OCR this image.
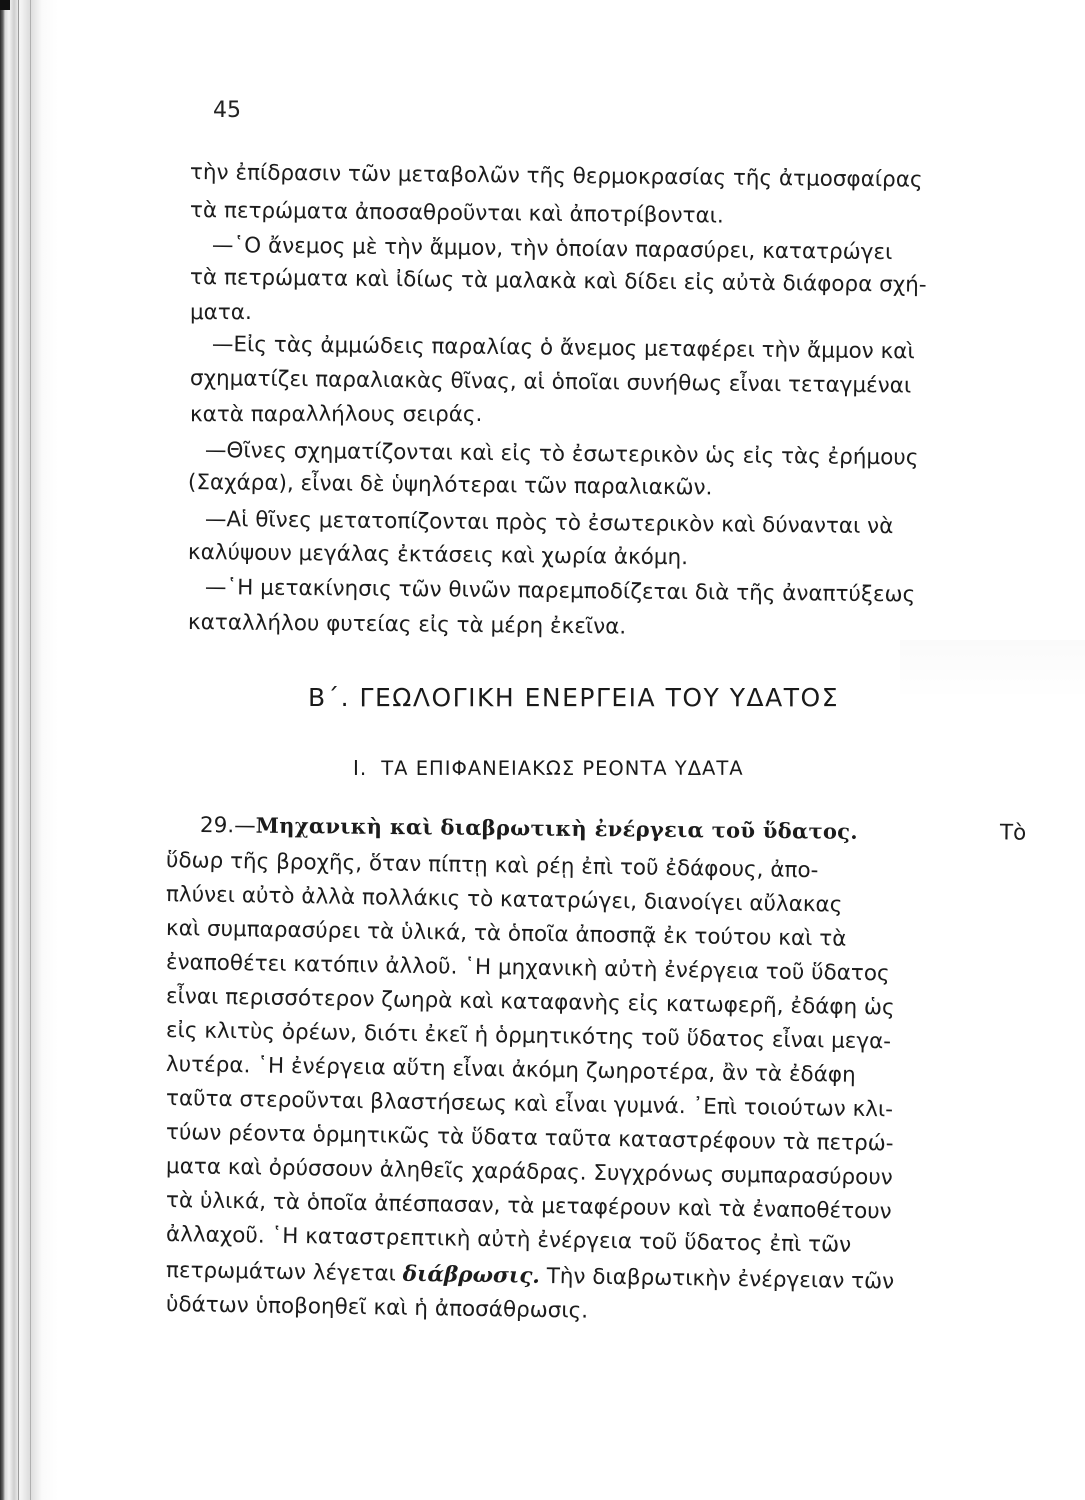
45
τὴν ἐπίδρασιν τῶν μεταβολῶν τῆς θερμοκρασίας τῆς ἀτμοσφαίρας
τὰ πετρώματα ἀποσαθροῦνται καὶ ἀποτρίβονται.
—῾Ο ἄνεμος μὲ τὴν ἄμμον, τὴν ὁποίαν παρασύρει, κατατρώγει
τὰ πετρώματα καὶ ἰδίως τὰ μαλακὰ καὶ δίδει εἰς αὐτὰ διάφορα σχή-
ματα.
—Εἰς τὰς ἀμμώδεις παραλίας ὁ ἄνεμος μεταφέρει τὴν ἄμμον καὶ
σχηματίζει παραλιακὰς θῖνας, αἱ ὁποῖαι συνήθως εἶναι τεταγμέναι
κατὰ παραλλήλους σειράς.
—Θῖνες σχηματίζονται καὶ εἰς τὸ ἐσωτερικὸν ὡς εἰς τὰς ἐρήμους
(Σαχάρα), εἶναι δὲ ὑψηλότεραι τῶν παραλιακῶν.
—Αἱ θῖνες μετατοπίζονται πρὸς τὸ ἐσωτερικὸν καὶ δύνανται νὰ
καλύψουν μεγάλας ἐκτάσεις καὶ χωρία ἀκόμη.
—῾Η μετακίνησις τῶν θινῶν παρεμποδίζεται διὰ τῆς ἀναπτύξεως
καταλλήλου φυτείας εἰς τὰ μέρη ἐκεῖνα.
Β΄. ΓΕΩΛΟΓΙΚΗ ΕΝΕΡΓΕΙΑ ΤΟΥ ΥΔΑΤΟΣ
Ι. ΤΑ ΕΠΙΦΑΝΕΙΑΚΩΣ ΡΕΟΝΤΑ ΥΔΑΤΑ
29.—Μηχανικὴ καὶ διαβρωτικὴ ἐνέργεια τοῦ ὕδατος.	Τὸ
ὕδωρ τῆς βροχῆς, ὅταν πίπτῃ καὶ ρέῃ ἐπὶ τοῦ ἐδάφους, ἀπο-
πλύνει αὐτὸ ἀλλὰ πολλάκις τὸ κατατρώγει, διανοίγει αὔλακας
καὶ συμπαρασύρει τὰ ὑλικά, τὰ ὁποῖα ἀποσπᾷ ἐκ τούτου καὶ τὰ
ἐναποθέτει κατόπιν ἀλλοῦ. ῾Η μηχανικὴ αὐτὴ ἐνέργεια τοῦ ὕδατος
εἶναι περισσότερον ζωηρὰ καὶ καταφανὴς εἰς κατωφερῆ, ἐδάφη ὡς
εἰς κλιτὺς ὀρέων, διότι ἐκεῖ ἡ ὁρμητικότης τοῦ ὕδατος εἶναι μεγα-
λυτέρα. ῾Η ἐνέργεια αὕτη εἶναι ἀκόμη ζωηροτέρα, ἂν τὰ ἐδάφη
ταῦτα στεροῦνται βλαστήσεως καὶ εἶναι γυμνά. ᾿Επὶ τοιούτων κλι-
τύων ρέοντα ὁρμητικῶς τὰ ὕδατα ταῦτα καταστρέφουν τὰ πετρώ-
ματα καὶ ὀρύσσουν ἀληθεῖς χαράδρας. Συγχρόνως συμπαρασύρουν
τὰ ὑλικά, τὰ ὁποῖα ἀπέσπασαν, τὰ μεταφέρουν καὶ τὰ ἐναποθέτουν
ἀλλαχοῦ. ῾Η καταστρεπτικὴ αὐτὴ ἐνέργεια τοῦ ὕδατος ἐπὶ τῶν
πετρωμάτων λέγεται διάβρωσις. Τὴν διαβρωτικὴν ἐνέργειαν τῶν
ὑδάτων ὑποβοηθεῖ καὶ ἡ ἀποσάθρωσις.
